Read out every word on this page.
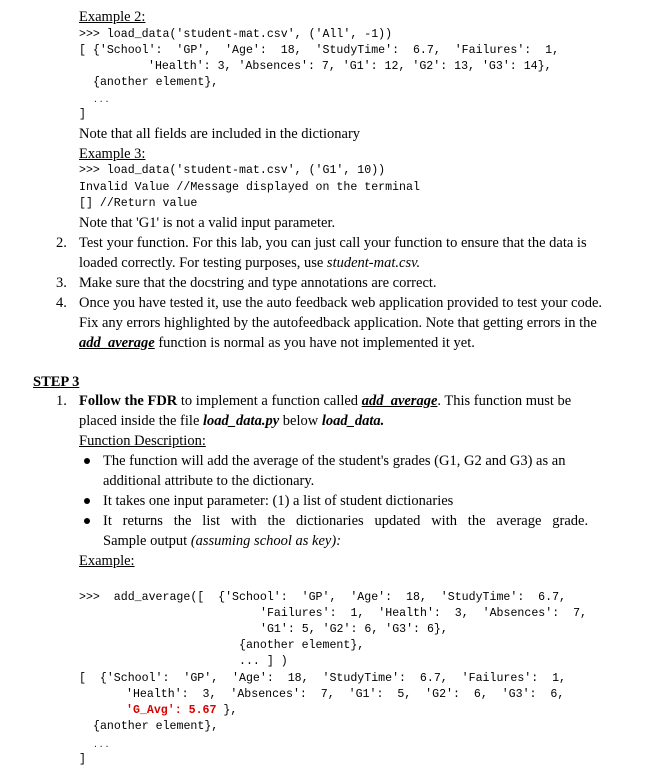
Example 2:
>>> load_data('student-mat.csv', ('All', -1))
[ {'School':  'GP',  'Age':  18,  'StudyTime':  6.7,  'Failures':  1,
'Health': 3, 'Absences': 7, 'G1': 12, 'G2': 13, 'G3': 14},
{another element},
...
]
Note that all fields are included in the dictionary
Example 3:
>>> load_data('student-mat.csv', ('G1', 10))
Invalid Value //Message displayed on the terminal
[] //Return value
Note that 'G1' is not a valid input parameter.
2. Test your function. For this lab, you can just call your function to ensure that the data is
loaded correctly. For testing purposes, use student-mat.csv.
3. Make sure that the docstring and type annotations are correct.
4. Once you have tested it, use the auto feedback web application provided to test your code.
Fix any errors highlighted by the autofeedback application. Note that getting errors in the
add_average function is normal as you have not implemented it yet.
STEP 3
1. Follow the FDR to implement a function called add_average. This function must be
placed inside the file load_data.py below load_data.
Function Description:
The function will add the average of the student's grades (G1, G2 and G3) as an
additional attribute to the dictionary.
It takes one input parameter: (1) a list of student dictionaries
It returns the list with the dictionaries updated with the average grade.
Sample output (assuming school as key):
Example:
>>>  add_average([  {'School':  'GP',  'Age':  18,  'StudyTime':  6.7,
'Failures':  1,  'Health':  3,  'Absences':  7,
'G1': 5, 'G2': 6, 'G3': 6},
{another element},
... ] )
[  {'School':  'GP',  'Age':  18,  'StudyTime':  6.7,  'Failures':  1,
'Health':  3,  'Absences':  7,  'G1':  5,  'G2':  6,  'G3':  6,
'G_Avg': 5.67 },
{another element},
...
]
